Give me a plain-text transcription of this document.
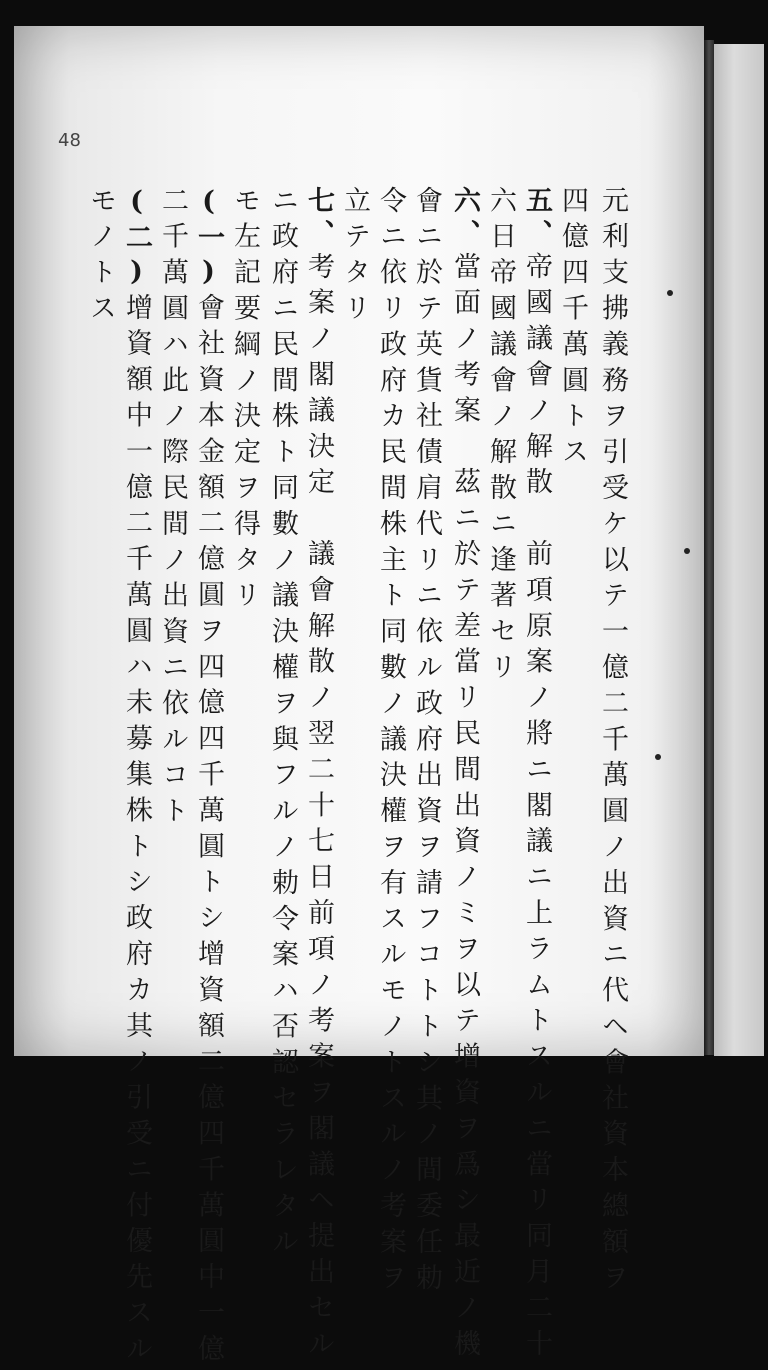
48
元利支拂義務ヲ引受ケ以テ一億二千萬圓ノ出資ニ代ヘ會社資本總額ヲ
四億四千萬圓トス
五、帝國議會ノ解散　前項原案ノ將ニ閣議ニ上ラムトスルニ當リ同月二十
六日帝國議會ノ解散ニ逢著セリ
六、當面ノ考案　茲ニ於テ差當リ民間出資ノミヲ以テ增資ヲ爲シ最近ノ機
會ニ於テ英貨社債肩代リニ依ル政府出資ヲ請フコトトシ其ノ間委任勅
令ニ依リ政府カ民間株主ト同數ノ議決權ヲ有スルモノトスルノ考案ヲ
立テタリ
七、考案ノ閣議決定　議會解散ノ翌二十七日前項ノ考案ヲ閣議ヘ提出セル
ニ政府ニ民間株ト同數ノ議決權ヲ與フルノ勅令案ハ否認セラレタル
モ左記要綱ノ決定ヲ得タリ
(一)會社資本金額二億圓ヲ四億四千萬圓トシ增資額二億四千萬圓中一億
二千萬圓ハ此ノ際民間ノ出資ニ依ルコト
(二)增資額中一億二千萬圓ハ未募集株トシ政府カ其ノ引受ニ付優先スル
モノトス
